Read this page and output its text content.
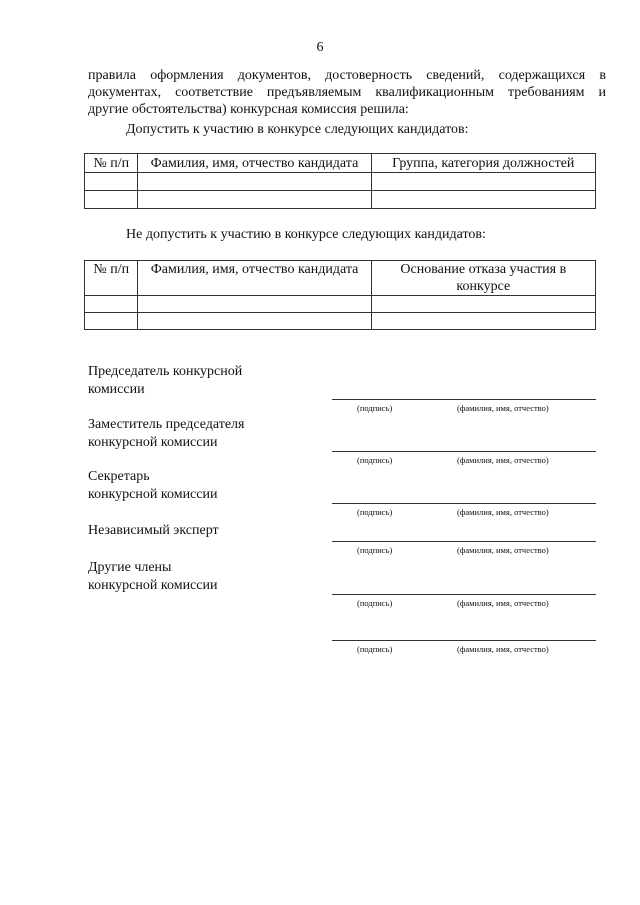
6
правила оформления документов, достоверность сведений, содержащихся в
документах, соответствие предъявляемым квалификационным требованиям и
другие обстоятельства) конкурсная комиссия решила:
Допустить к участию в конкурсе следующих кандидатов:
№ п/п	Фамилия, имя, отчество кандидата	Группа, категория должностей

Не допустить к участию в конкурсе следующих кандидатов:
№ п/п	Фамилия, имя, отчество кандидата	Основание отказа участия в конкурсе

Председатель конкурсной
комиссии
(подпись)	(фамилия, имя, отчество)
Заместитель председателя
конкурсной комиссии
(подпись)	(фамилия, имя, отчество)
Секретарь
конкурсной комиссии
(подпись)	(фамилия, имя, отчество)
Независимый эксперт
(подпись)	(фамилия, имя, отчество)
Другие члены
конкурсной комиссии
(подпись)	(фамилия, имя, отчество)
(подпись)	(фамилия, имя, отчество)
